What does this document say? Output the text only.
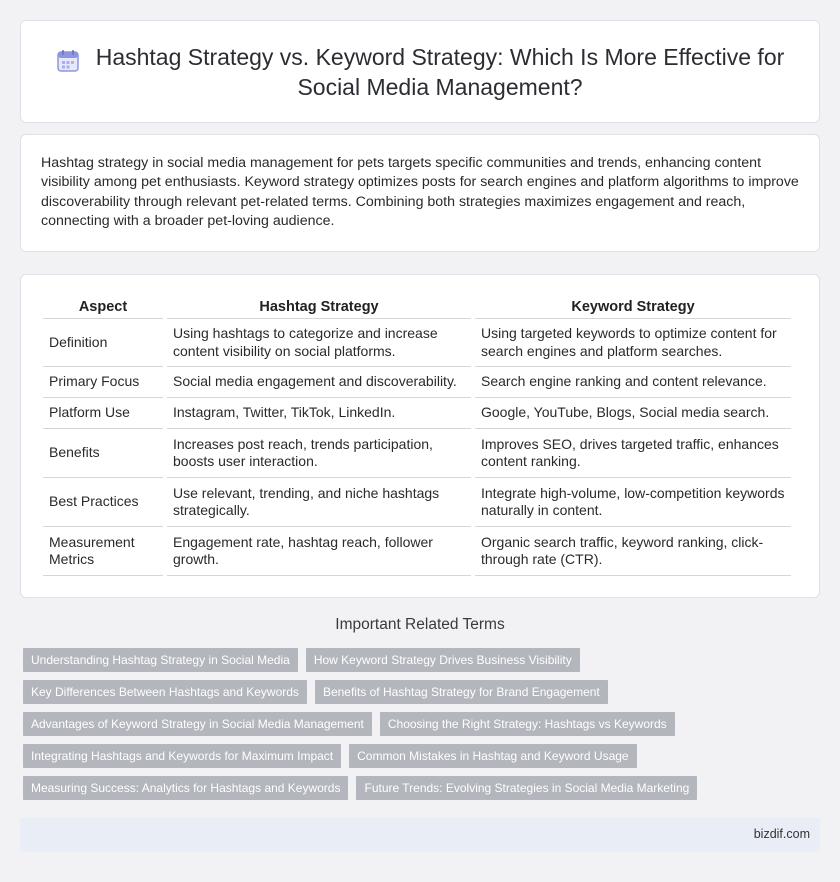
Hashtag Strategy vs. Keyword Strategy: Which Is More Effective for Social Media Management?

Hashtag strategy in social media management for pets targets specific communities and trends, enhancing content visibility among pet enthusiasts. Keyword strategy optimizes posts for search engines and platform algorithms to improve discoverability through relevant pet-related terms. Combining both strategies maximizes engagement and reach, connecting with a broader pet-loving audience.

Aspect	Hashtag Strategy	Keyword Strategy
Definition	Using hashtags to categorize and increase content visibility on social platforms.	Using targeted keywords to optimize content for search engines and platform searches.
Primary Focus	Social media engagement and discoverability.	Search engine ranking and content relevance.
Platform Use	Instagram, Twitter, TikTok, LinkedIn.	Google, YouTube, Blogs, Social media search.
Benefits	Increases post reach, trends participation, boosts user interaction.	Improves SEO, drives targeted traffic, enhances content ranking.
Best Practices	Use relevant, trending, and niche hashtags strategically.	Integrate high-volume, low-competition keywords naturally in content.
Measurement Metrics	Engagement rate, hashtag reach, follower growth.	Organic search traffic, keyword ranking, click-through rate (CTR).
Important Related Terms
Understanding Hashtag Strategy in Social Media	How Keyword Strategy Drives Business Visibility
Key Differences Between Hashtags and Keywords	Benefits of Hashtag Strategy for Brand Engagement
Advantages of Keyword Strategy in Social Media Management	Choosing the Right Strategy: Hashtags vs Keywords
Integrating Hashtags and Keywords for Maximum Impact	Common Mistakes in Hashtag and Keyword Usage
Measuring Success: Analytics for Hashtags and Keywords	Future Trends: Evolving Strategies in Social Media Marketing
bizdif.com
